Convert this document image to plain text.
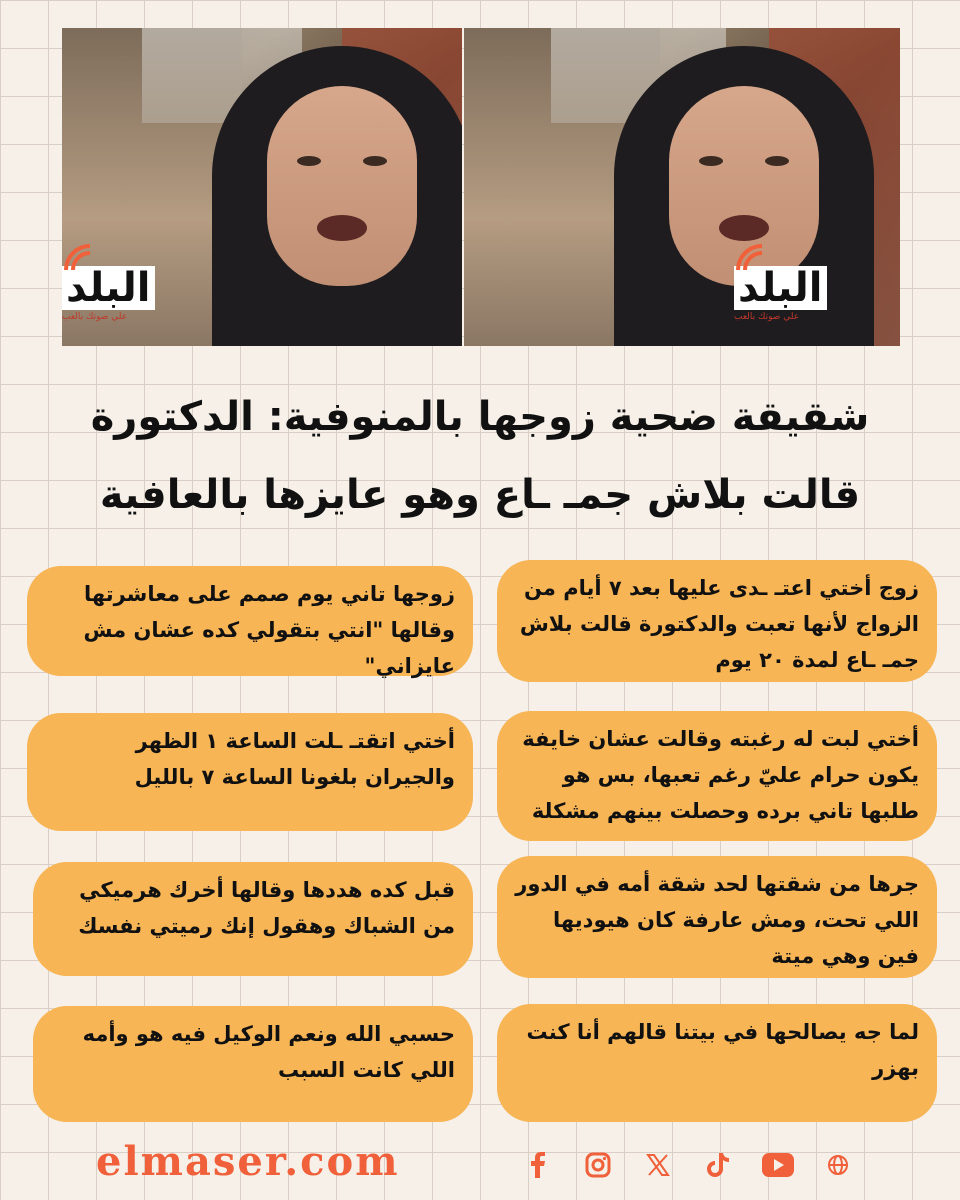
البلد
علي صوتك بالعب
البلد
علي صوتك بالعب
شقيقة ضحية زوجها بالمنوفية: الدكتورة قالت بلاش جمـ ـاع وهو عايزها بالعافية
زوجها تاني يوم صمم على معاشرتها وقالها "انتي بتقولي كده عشان مش عايزاني"
زوج أختي اعتـ ـدى عليها بعد ٧ أيام من الزواج لأنها تعبت والدكتورة قالت بلاش جمـ ـاع لمدة ٢٠ يوم
أختي اتقتـ ـلت الساعة ١ الظهر والجيران بلغونا الساعة ٧ بالليل
أختي لبت له رغبته وقالت عشان خايفة يكون حرام عليّ رغم تعبها، بس هو طلبها تاني برده وحصلت بينهم مشكلة
قبل كده هددها وقالها أخرك هرميكي من الشباك وهقول إنك رميتي نفسك
جرها من شقتها لحد شقة أمه في الدور اللي تحت، ومش عارفة كان هيوديها فين وهي ميتة
حسبي الله ونعم الوكيل فيه هو وأمه اللي كانت السبب
لما جه يصالحها في بيتنا قالهم أنا كنت بهزر
elmaser.com
